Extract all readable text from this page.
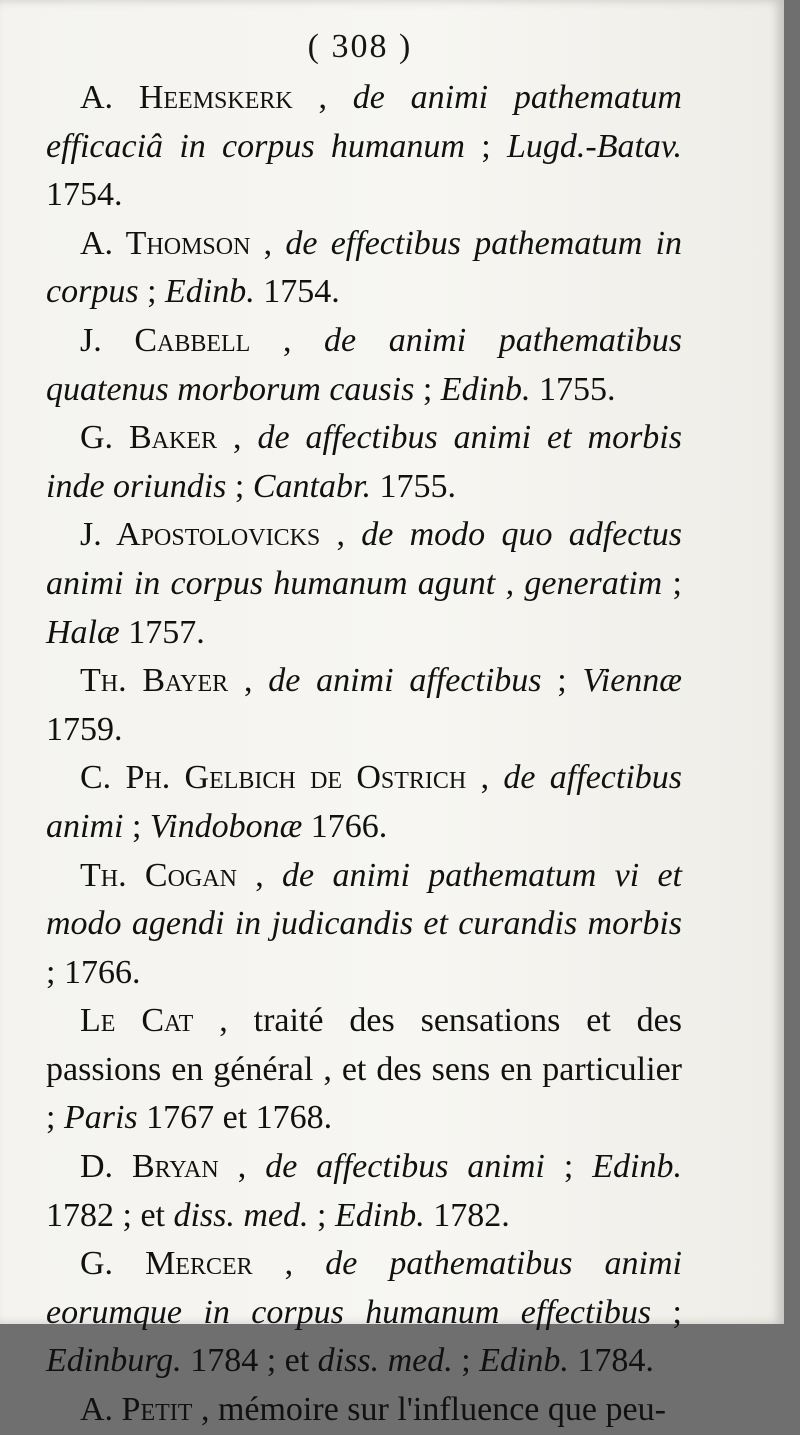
( 308 )
A. Heemskerk , de animi pathematum efficaciâ in corpus humanum ; Lugd.-Batav. 1754.
A. Thomson , de effectibus pathematum in corpus ; Edinb. 1754.
J. Cabbell , de animi pathematibus quatenus morborum causis ; Edinb. 1755.
G. Baker , de affectibus animi et morbis inde oriundis ; Cantabr. 1755.
J. Apostolovicks , de modo quo adfectus animi in corpus humanum agunt , generatim ; Halæ 1757.
Th. Bayer , de animi affectibus ; Viennæ 1759.
C. Ph. Gelbich de Ostrich , de affectibus animi ; Vindobonæ 1766.
Th. Cogan , de animi pathematum vi et modo agendi in judicandis et curandis morbis ; 1766.
Le Cat , traité des sensations et des passions en général , et des sens en particulier ; Paris 1767 et 1768.
D. Bryan , de affectibus animi ; Edinb. 1782 ; et diss. med. ; Edinb. 1782.
G. Mercer , de pathematibus animi eorumque in corpus humanum effectibus ; Edinburg. 1784 ; et diss. med. ; Edinb. 1784.
A. Petit , mémoire sur l'influence que peu-
